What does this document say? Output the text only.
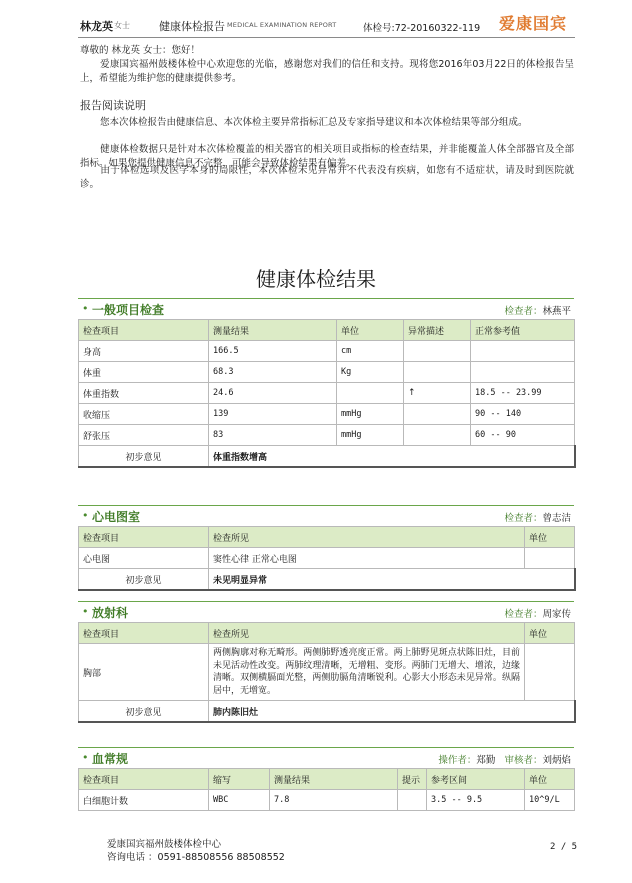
林龙英 女士	健康体检报告 MEDICAL EXAMINATION REPORT	体检号:72-20160322-119 爱康国宾
尊敬的 林龙英 女士：您好！
爱康国宾福州鼓楼体检中心欢迎您的光临，感谢您对我们的信任和支持。现将您2016年03月22日的体检报告呈上，希望能为维护您的健康提供参考。
报告阅读说明
您本次体检报告由健康信息、本次体检主要异常指标汇总及专家指导建议和本次体检结果等部分组成。
健康体检数据只是针对本次体检覆盖的相关器官的相关项目或指标的检查结果，并非能覆盖人体全部器官及全部指标。如果您提供健康信息不完整，可能会导致体检结果有偏差。
由于体检选项及医学本身的局限性，本次体检未见异常并不代表没有疾病，如您有不适症状，请及时到医院就诊。
健康体检结果
• 一般项目检查	检查者：林燕平
检查项目	测量结果	单位	异常描述	正常参考值
身高	166.5	cm		
体重	68.3	Kg		
体重指数	24.6		↑	18.5 -- 23.99
收缩压	139	mmHg		90 -- 140
舒张压	83	mmHg		60 -- 90
初步意见	体重指数增高			
• 心电图室	检查者：曾志洁
检查项目	检查所见	单位
心电图	窦性心律 正常心电图	
初步意见	未见明显异常	
• 放射科	检查者：周家传
检查项目	检查所见	单位
胸部	两侧胸廓对称无畸形。两侧肺野透亮度正常。两上肺野见斑点状陈旧灶，目前未见活动性改变。两肺纹理清晰，无增粗、变形。两肺门无增大、增浓，边缘清晰。双侧横膈面光整，两侧肋膈角清晰锐利。心影大小形态未见异常。纵隔居中，无增宽。	
初步意见	肺内陈旧灶	
• 血常规	操作者：郑勤 审核者：刘炳焰
检查项目	缩写	测量结果	提示	参考区间	单位
白细胞计数	WBC	7.8		3.5 -- 9.5	10^9/L
爱康国宾福州鼓楼体检中心
咨询电话 ：0591-88508556 88508552
2 / 5
